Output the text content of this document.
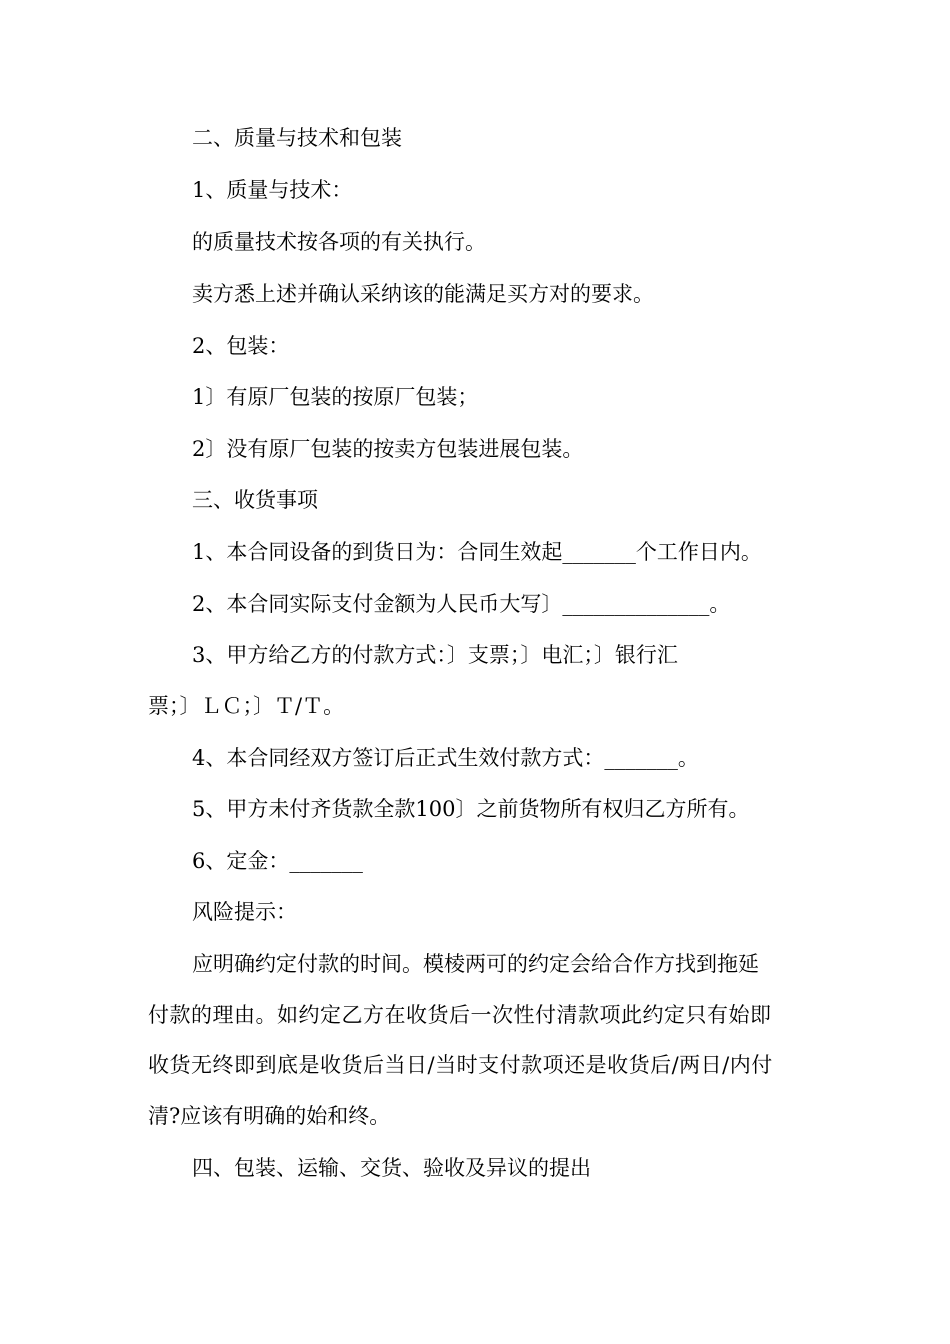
二、质量与技术和包装
1、质量与技术：
的质量技术按各项的有关执行。
卖方悉上述并确认采纳该的能满足买方对的要求。
2、包装：
1〕有原厂包装的按原厂包装；
2〕没有原厂包装的按卖方包装进展包装。
三、收货事项
1、本合同设备的到货日为：合同生效起_______个工作日内。
2、本合同实际支付金额为人民币大写〕______________。
3、甲方给乙方的付款方式：〕支票；〕电汇；〕银行汇
票；〕ＬＣ；〕Ｔ/Ｔ。
4、本合同经双方签订后正式生效付款方式：_______。
5、甲方未付齐货款全款100〕之前货物所有权归乙方所有。
6、定金：_______
风险提示：
应明确约定付款的时间。模棱两可的约定会给合作方找到拖延
付款的理由。如约定乙方在收货后一次性付清款项此约定只有始即
收货无终即到底是收货后当日/当时支付款项还是收货后/两日/内付
清?应该有明确的始和终。
四、包装、运输、交货、验收及异议的提出
